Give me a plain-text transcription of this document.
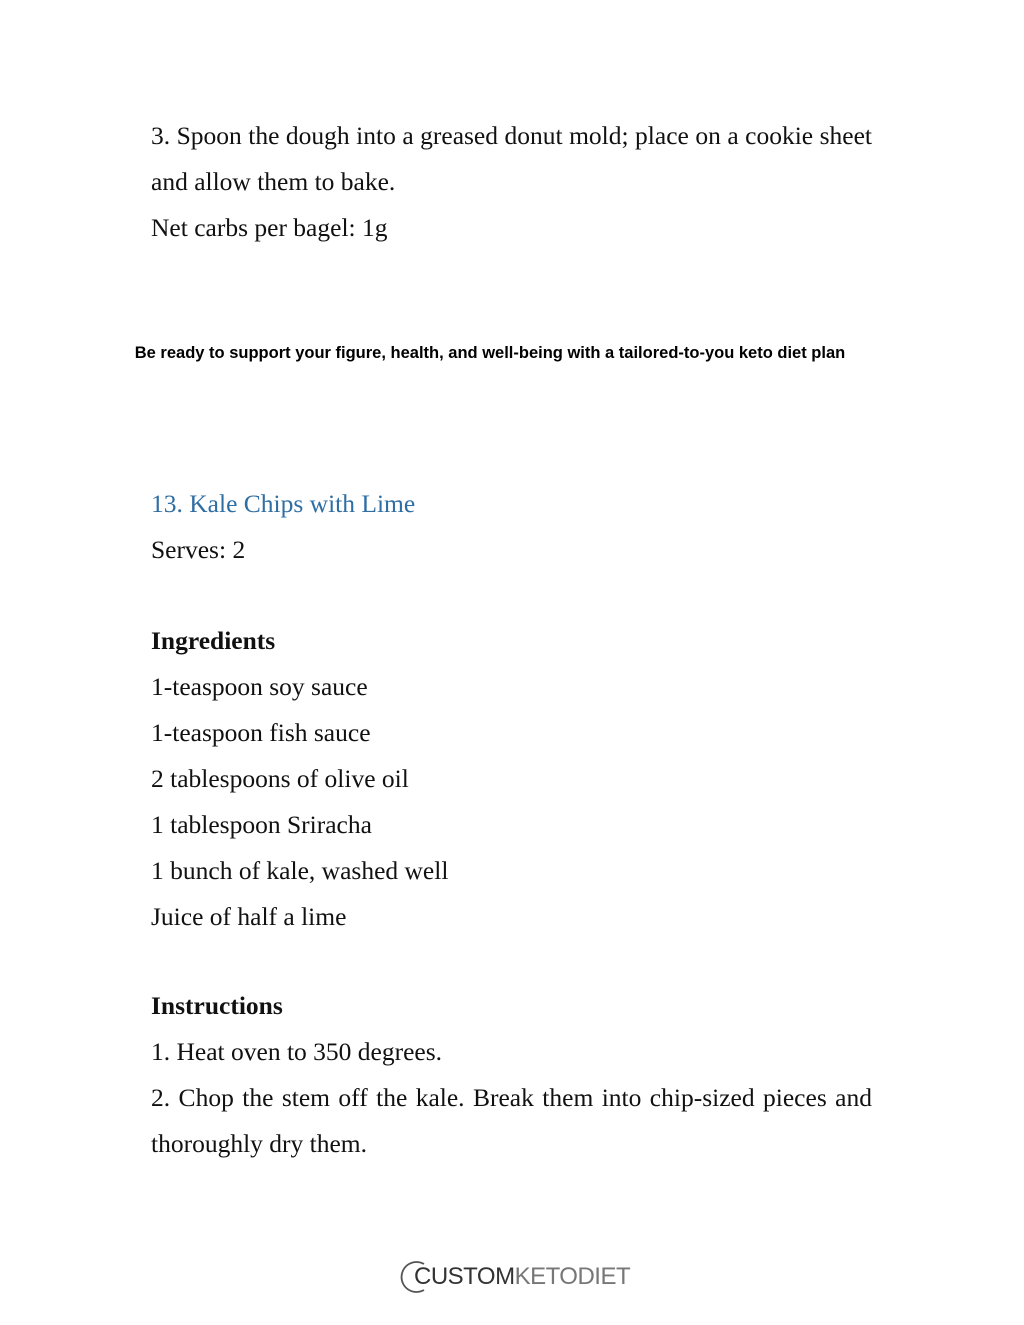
3. Spoon the dough into a greased donut mold; place on a cookie sheet and allow them to bake.

Net carbs per bagel: 1g

Be ready to support your figure, health, and well-being with a tailored-to-you keto diet plan

13. Kale Chips with Lime

Serves: 2

Ingredients

1-teaspoon soy sauce
1-teaspoon fish sauce
2 tablespoons of olive oil
1 tablespoon Sriracha
1 bunch of kale, washed well
Juice of half a lime

Instructions

1. Heat oven to 350 degrees.

2. Chop the stem off the kale. Break them into chip-sized pieces and thoroughly dry them.

CUSTOMKETODIET
